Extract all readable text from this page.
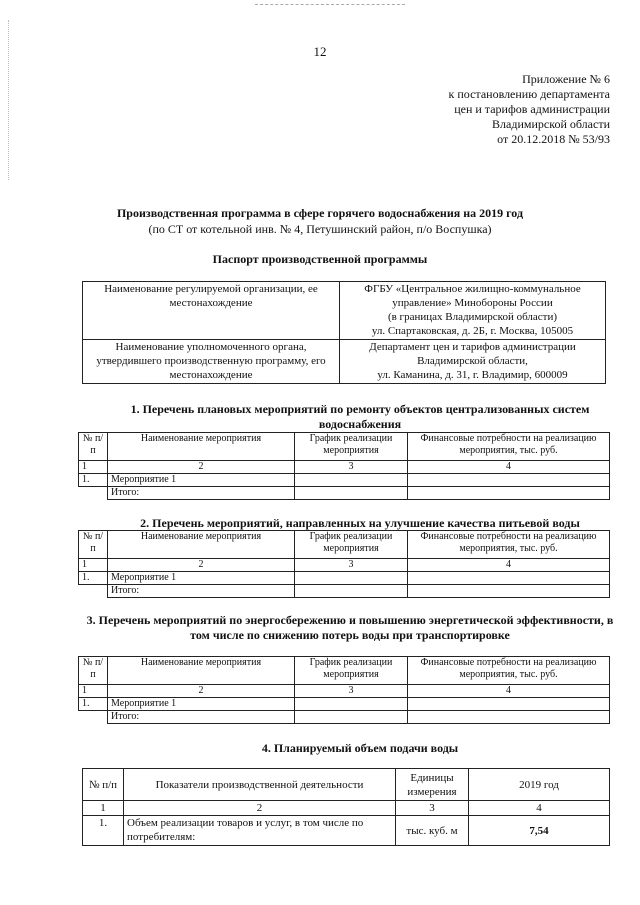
12
Приложение № 6
к постановлению департамента
цен и тарифов администрации
Владимирской области
от 20.12.2018 № 53/93
Производственная программа в сфере горячего водоснабжения на 2019 год
(по СТ от котельной инв. № 4, Петушинский район, п/о Воспушка)
Паспорт производственной программы
Наименование регулируемой организации, ее местонахождение	ФГБУ «Центральное жилищно-коммунальное
управление» Минобороны России
(в границах Владимирской области)
ул. Спартаковская, д. 2Б, г. Москва, 105005

Наименование уполномоченного органа, утвердившего производственную программу, его местонахождение	Департамент цен и тарифов администрации
Владимирской области,
ул. Каманина, д. 31, г. Владимир, 600009
1. Перечень плановых мероприятий по ремонту объектов централизованных систем водоснабжения
№ п/п	Наименование мероприятия	График реализации мероприятия	Финансовые потребности на реализацию мероприятия, тыс. руб.
1	2	3	4
1.	Мероприятие 1		
	Итого:		
2. Перечень мероприятий, направленных на улучшение качества питьевой воды
№ п/п	Наименование мероприятия	График реализации мероприятия	Финансовые потребности на реализацию мероприятия, тыс. руб.
1	2	3	4
1.	Мероприятие 1		
	Итого:		
3. Перечень мероприятий по энергосбережению и повышению энергетической эффективности, в том числе по снижению потерь воды при транспортировке
№ п/п	Наименование мероприятия	График реализации мероприятия	Финансовые потребности на реализацию мероприятия, тыс. руб.
1	2	3	4
1.	Мероприятие 1		
	Итого:		
4. Планируемый объем подачи воды
№ п/п	Показатели производственной деятельности	Единицы измерения	2019 год
1	2	3	4
1.	Объем реализации товаров и услуг, в том числе по потребителям:	тыс. куб. м	7,54
